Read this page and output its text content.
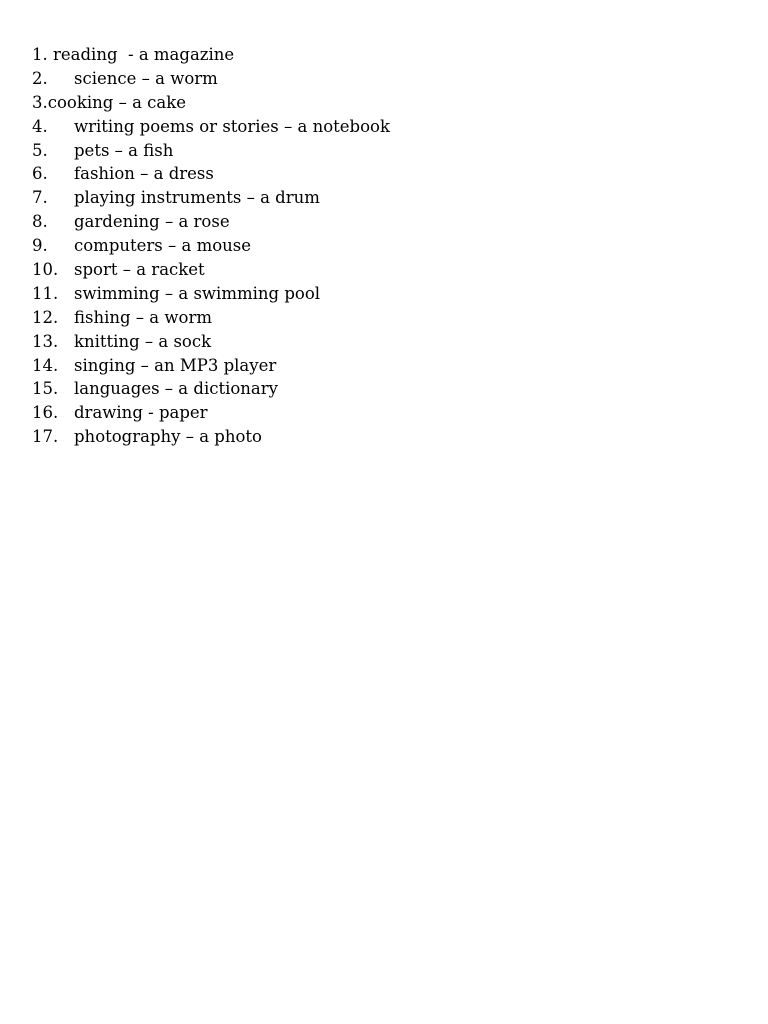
1. reading  - a magazine
2. science – a worm
3.cooking – a cake
4. writing poems or stories – a notebook
5. pets – a fish
6. fashion – a dress
7. playing instruments – a drum
8. gardening – a rose
9. computers – a mouse
10. sport – a racket
11. swimming – a swimming pool
12. fishing – a worm
13. knitting – a sock
14. singing – an MP3 player
15. languages – a dictionary
16. drawing - paper
17. photography – a photo
